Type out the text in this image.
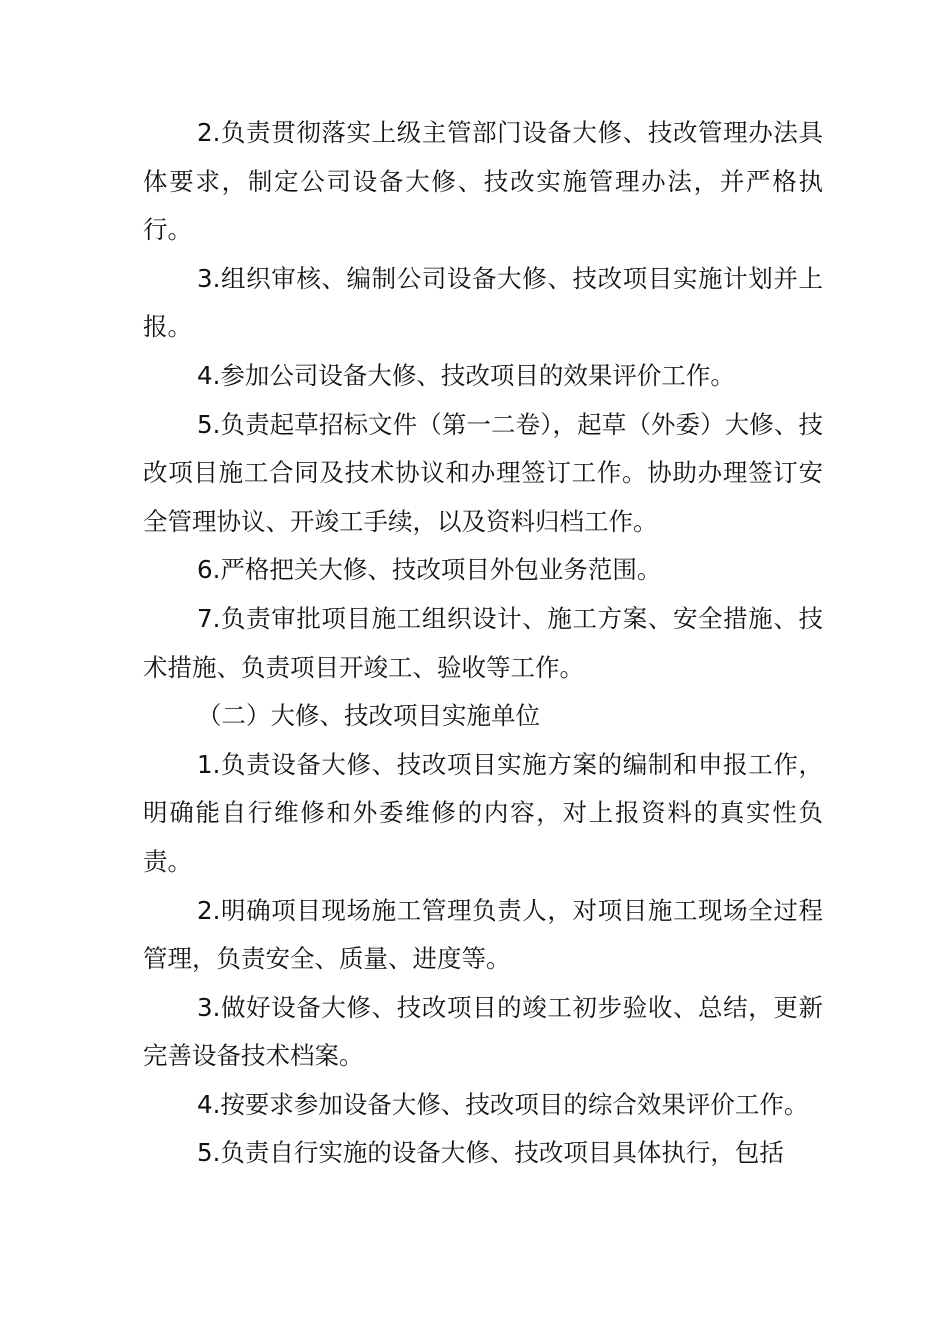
2.负责贯彻落实上级主管部门设备大修、技改管理办法具体要求，制定公司设备大修、技改实施管理办法，并严格执行。

3.组织审核、编制公司设备大修、技改项目实施计划并上报。

4.参加公司设备大修、技改项目的效果评价工作。

5.负责起草招标文件（第一二卷），起草（外委）大修、技改项目施工合同及技术协议和办理签订工作。协助办理签订安全管理协议、开竣工手续，以及资料归档工作。

6.严格把关大修、技改项目外包业务范围。

7.负责审批项目施工组织设计、施工方案、安全措施、技术措施、负责项目开竣工、验收等工作。

（二）大修、技改项目实施单位

1.负责设备大修、技改项目实施方案的编制和申报工作，明确能自行维修和外委维修的内容，对上报资料的真实性负责。

2.明确项目现场施工管理负责人，对项目施工现场全过程管理，负责安全、质量、进度等。

3.做好设备大修、技改项目的竣工初步验收、总结，更新完善设备技术档案。

4.按要求参加设备大修、技改项目的综合效果评价工作。

5.负责自行实施的设备大修、技改项目具体执行，包括
